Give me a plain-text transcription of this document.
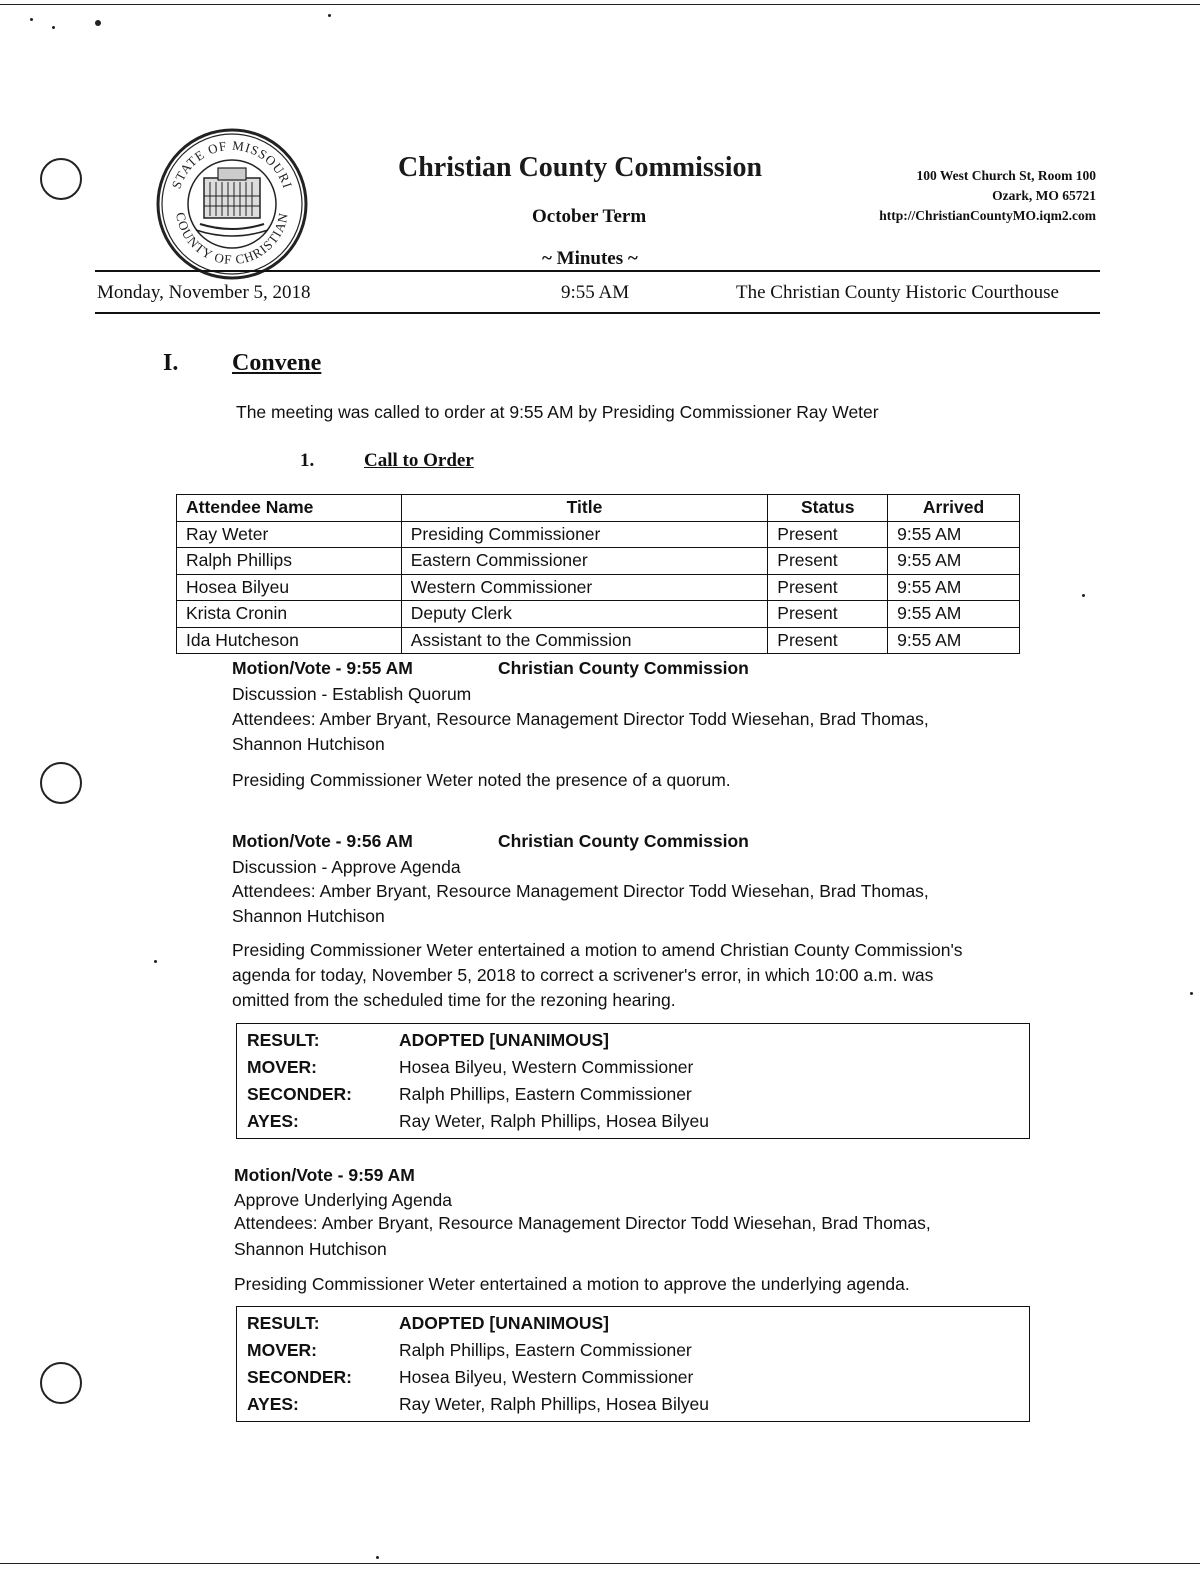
STATE OF MISSOURI
COUNTY OF CHRISTIAN
Christian County Commission
October Term
~ Minutes ~
100 West Church St, Room 100
Ozark, MO 65721
http://ChristianCountyMO.iqm2.com
Monday, November 5, 2018	9:55 AM	The Christian County Historic Courthouse
I. Convene
The meeting was called to order at 9:55 AM by Presiding Commissioner Ray Weter
1.	Call to Order
Attendee Name	Title	Status	Arrived
Ray Weter	Presiding Commissioner	Present	9:55 AM
Ralph Phillips	Eastern Commissioner	Present	9:55 AM
Hosea Bilyeu	Western Commissioner	Present	9:55 AM
Krista Cronin	Deputy Clerk	Present	9:55 AM
Ida Hutcheson	Assistant to the Commission	Present	9:55 AM
Motion/Vote - 9:55 AM	Christian County Commission
Discussion - Establish Quorum
Attendees: Amber Bryant, Resource Management Director Todd Wiesehan, Brad Thomas,
Shannon Hutchison
Presiding Commissioner Weter noted the presence of a quorum.
Motion/Vote - 9:56 AM	Christian County Commission
Discussion - Approve Agenda
Attendees: Amber Bryant, Resource Management Director Todd Wiesehan, Brad Thomas,
Shannon Hutchison
Presiding Commissioner Weter entertained a motion to amend Christian County Commission's
agenda for today, November 5, 2018 to correct a scrivener's error, in which 10:00 a.m. was
omitted from the scheduled time for the rezoning hearing.
RESULT:	ADOPTED [UNANIMOUS]
MOVER:	Hosea Bilyeu, Western Commissioner
SECONDER:	Ralph Phillips, Eastern Commissioner
AYES:	Ray Weter, Ralph Phillips, Hosea Bilyeu
Motion/Vote - 9:59 AM
Approve Underlying Agenda
Attendees: Amber Bryant, Resource Management Director Todd Wiesehan, Brad Thomas,
Shannon Hutchison
Presiding Commissioner Weter entertained a motion to approve the underlying agenda.
RESULT:	ADOPTED [UNANIMOUS]
MOVER:	Ralph Phillips, Eastern Commissioner
SECONDER:	Hosea Bilyeu, Western Commissioner
AYES:	Ray Weter, Ralph Phillips, Hosea Bilyeu
